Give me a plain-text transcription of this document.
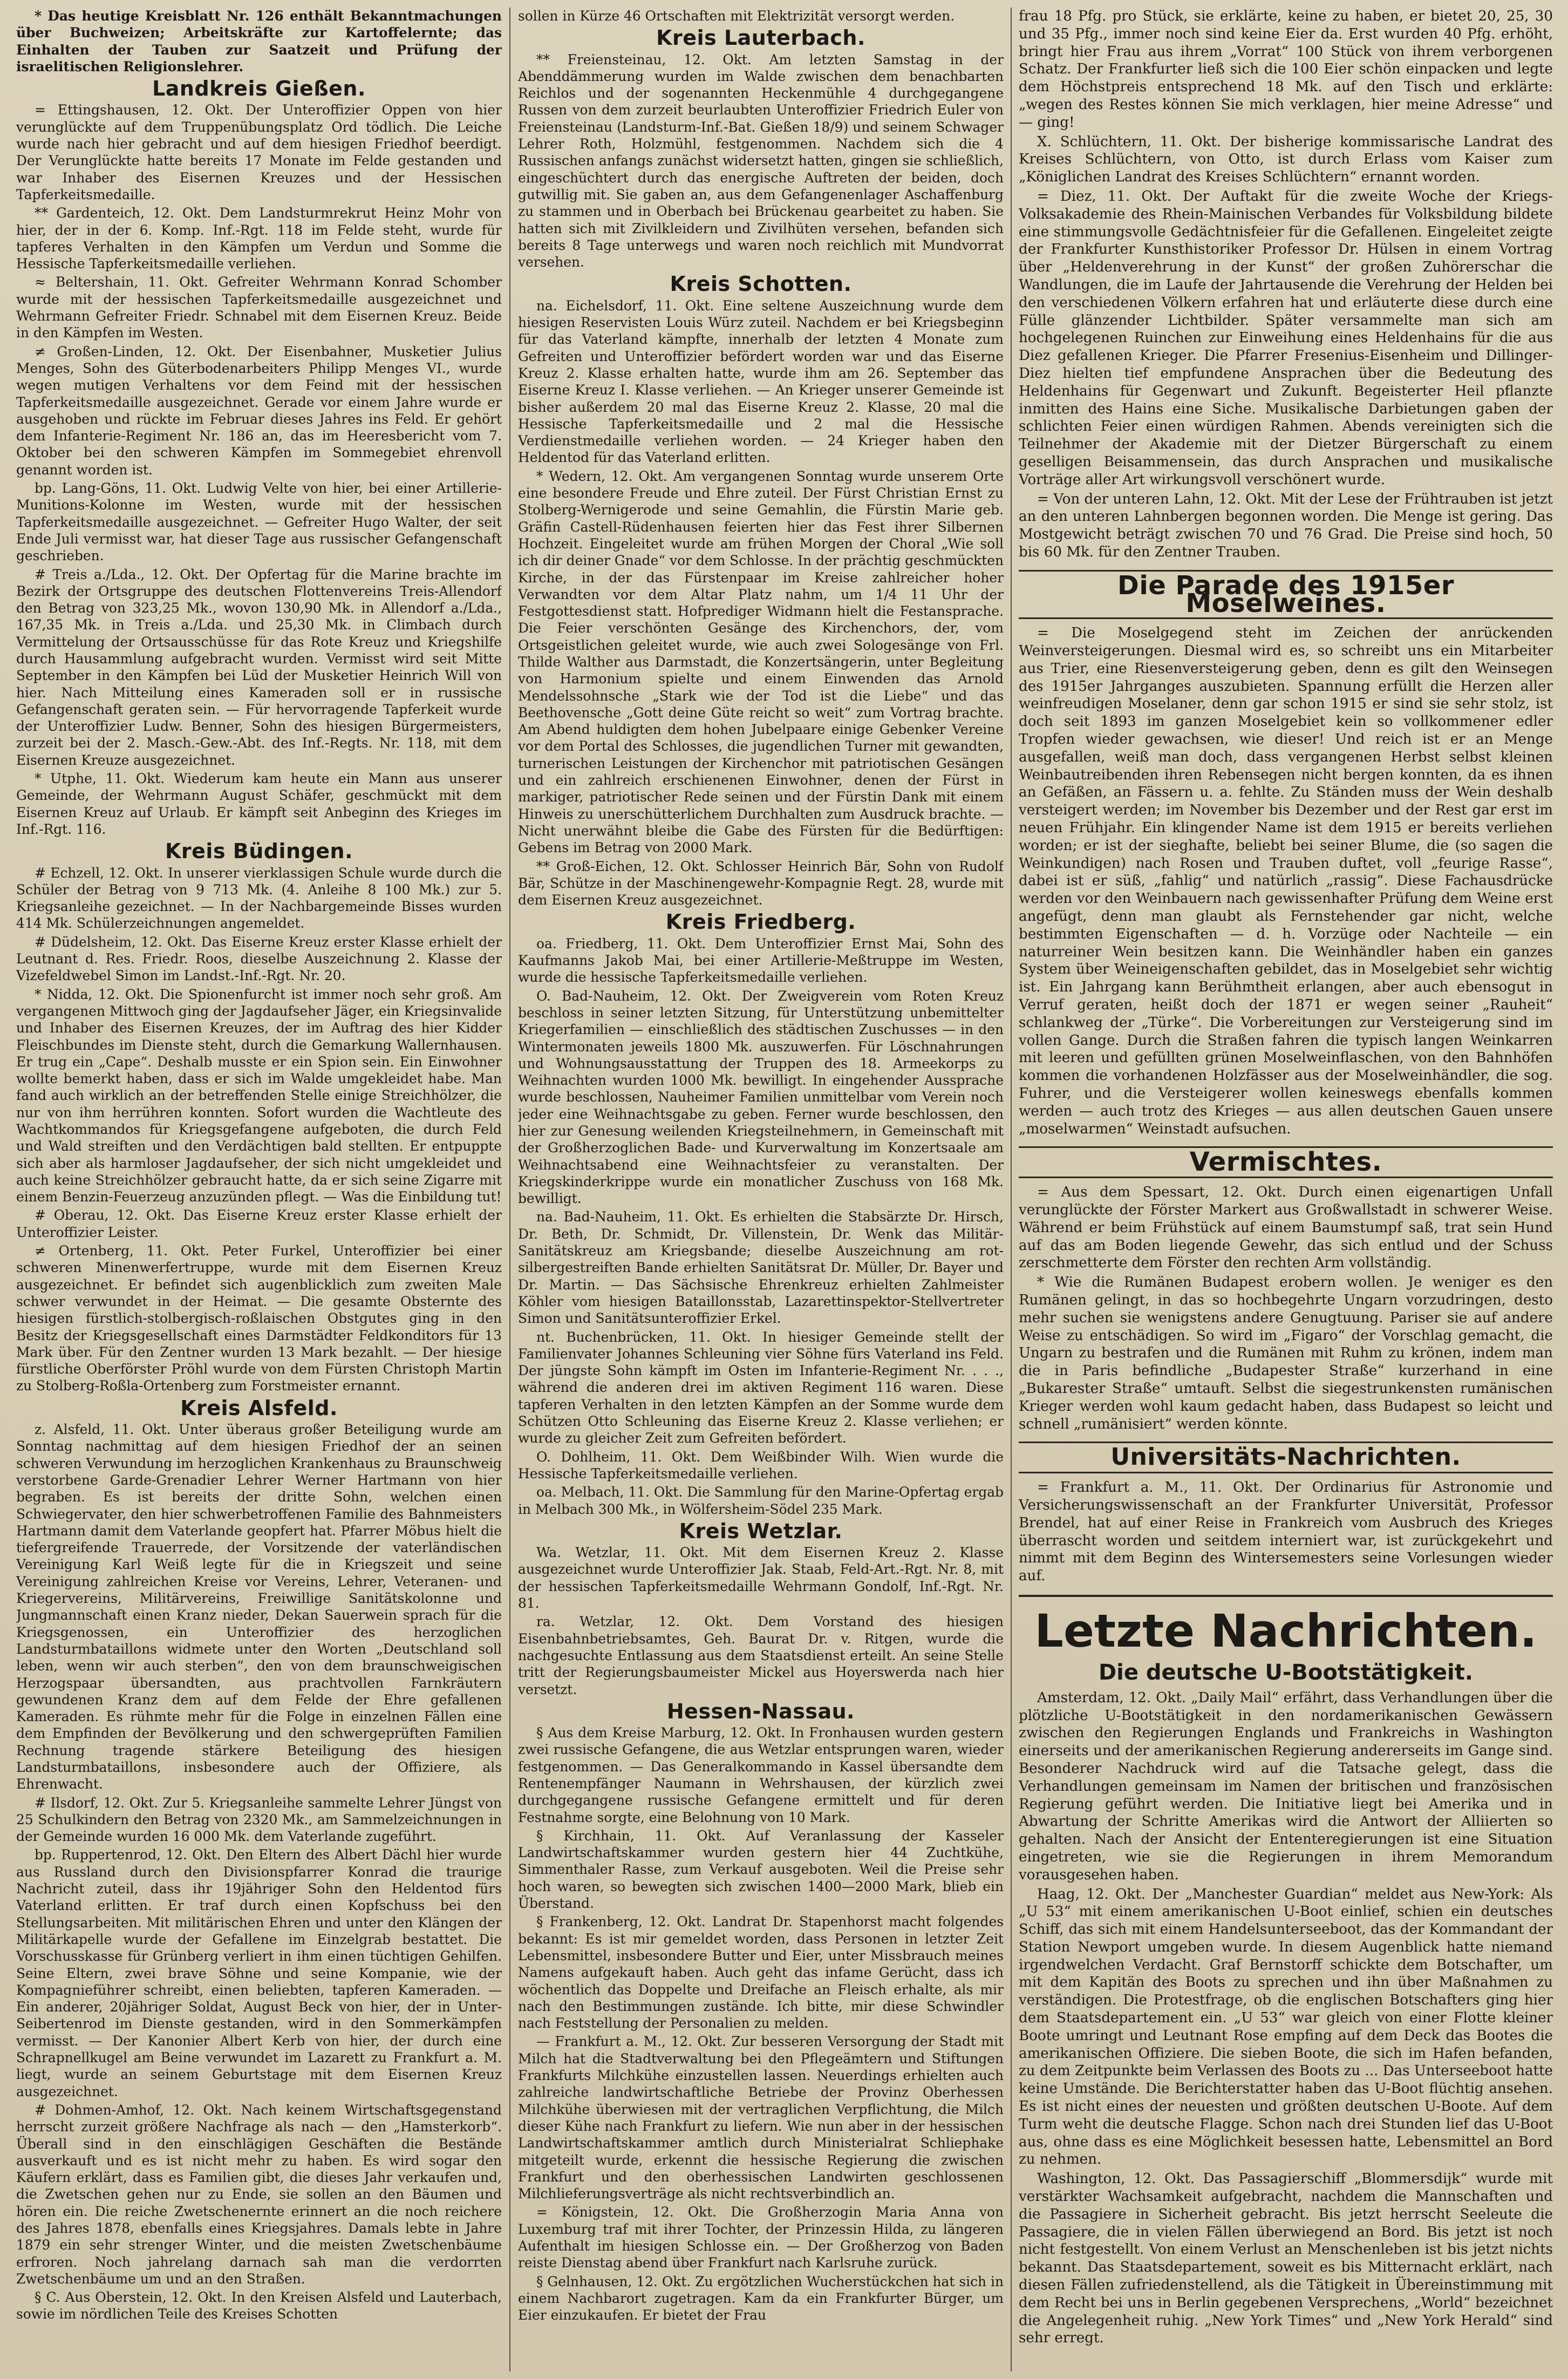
* Das heutige Kreisblatt Nr. 126 enthält Bekanntmachungen über Buchweizen; Arbeitskräfte zur Kartoffelernte; das Einhalten der Tauben zur Saatzeit und Prüfung der israelitischen Religionslehrer.

Landkreis Gießen.

= Ettingshausen, 12. Okt. Der Unteroffizier Oppen von hier verunglückte auf dem Truppenübungsplatz Ord tödlich. Die Leiche wurde nach hier gebracht und auf dem hiesigen Friedhof beerdigt. Der Verunglückte hatte bereits 17 Monate im Felde gestanden und war Inhaber des Eisernen Kreuzes und der Hessischen Tapferkeitsmedaille.

** Gardenteich, 12. Okt. Dem Landsturmrekrut Heinz Mohr von hier, der in der 6. Komp. Inf.-Rgt. 118 im Felde steht, wurde für tapferes Verhalten in den Kämpfen um Verdun und Somme die Hessische Tapferkeitsmedaille verliehen.

≈ Beltershain, 11. Okt. Gefreiter Wehrmann Konrad Schomber wurde mit der hessischen Tapferkeitsmedaille ausgezeichnet und Wehrmann Gefreiter Friedr. Schnabel mit dem Eisernen Kreuz. Beide in den Kämpfen im Westen.

≠ Großen-Linden, 12. Okt. Der Eisenbahner, Musketier Julius Menges, Sohn des Güterbodenarbeiters Philipp Menges VI., wurde wegen mutigen Verhaltens vor dem Feind mit der hessischen Tapferkeitsmedaille ausgezeichnet. Gerade vor einem Jahre wurde er ausgehoben und rückte im Februar dieses Jahres ins Feld. Er gehört dem Infanterie-Regiment Nr. 186 an, das im Heeresbericht vom 7. Oktober bei den schweren Kämpfen im Sommegebiet ehrenvoll genannt worden ist.

bp. Lang-Göns, 11. Okt. Ludwig Velte von hier, bei einer Artillerie-Munitions-Kolonne im Westen, wurde mit der hessischen Tapferkeitsmedaille ausgezeichnet. — Gefreiter Hugo Walter, der seit Ende Juli vermisst war, hat dieser Tage aus russischer Gefangenschaft geschrieben.

# Treis a./Lda., 12. Okt. Der Opfertag für die Marine brachte im Bezirk der Ortsgruppe des deutschen Flottenvereins Treis-Allendorf den Betrag von 323,25 Mk., wovon 130,90 Mk. in Allendorf a./Lda., 167,35 Mk. in Treis a./Lda. und 25,30 Mk. in Climbach durch Vermittelung der Ortsausschüsse für das Rote Kreuz und Kriegshilfe durch Hausammlung aufgebracht wurden. Vermisst wird seit Mitte September in den Kämpfen bei Lüd der Musketier Heinrich Will von hier. Nach Mitteilung eines Kameraden soll er in russische Gefangenschaft geraten sein. — Für hervorragende Tapferkeit wurde der Unteroffizier Ludw. Benner, Sohn des hiesigen Bürgermeisters, zurzeit bei der 2. Masch.-Gew.-Abt. des Inf.-Regts. Nr. 118, mit dem Eisernen Kreuze ausgezeichnet.

* Utphe, 11. Okt. Wiederum kam heute ein Mann aus unserer Gemeinde, der Wehrmann August Schäfer, geschmückt mit dem Eisernen Kreuz auf Urlaub. Er kämpft seit Anbeginn des Krieges im Inf.-Rgt. 116.

Kreis Büdingen.

# Echzell, 12. Okt. In unserer vierklassigen Schule wurde durch die Schüler der Betrag von 9 713 Mk. (4. Anleihe 8 100 Mk.) zur 5. Kriegsanleihe gezeichnet. — In der Nachbargemeinde Bisses wurden 414 Mk. Schülerzeichnungen angemeldet.

# Düdelsheim, 12. Okt. Das Eiserne Kreuz erster Klasse erhielt der Leutnant d. Res. Friedr. Roos, dieselbe Auszeichnung 2. Klasse der Vizefeldwebel Simon im Landst.-Inf.-Rgt. Nr. 20.

* Nidda, 12. Okt. Die Spionenfurcht ist immer noch sehr groß. Am vergangenen Mittwoch ging der Jagdaufseher Jäger, ein Kriegsinvalide und Inhaber des Eisernen Kreuzes, der im Auftrag des hier Kidder Fleischbundes im Dienste steht, durch die Gemarkung Wallernhausen. Er trug ein „Cape“. Deshalb musste er ein Spion sein. Ein Einwohner wollte bemerkt haben, dass er sich im Walde umgekleidet habe. Man fand auch wirklich an der betreffenden Stelle einige Streichhölzer, die nur von ihm herrühren konnten. Sofort wurden die Wachtleute des Wachtkommandos für Kriegsgefangene aufgeboten, die durch Feld und Wald streiften und den Verdächtigen bald stellten. Er entpuppte sich aber als harmloser Jagdaufseher, der sich nicht umgekleidet und auch keine Streichhölzer gebraucht hatte, da er sich seine Zigarre mit einem Benzin-Feuerzeug anzuzünden pflegt. — Was die Einbildung tut!

# Oberau, 12. Okt. Das Eiserne Kreuz erster Klasse erhielt der Unteroffizier Leister.

≠ Ortenberg, 11. Okt. Peter Furkel, Unteroffizier bei einer schweren Minenwerfertruppe, wurde mit dem Eisernen Kreuz ausgezeichnet. Er befindet sich augenblicklich zum zweiten Male schwer verwundet in der Heimat. — Die gesamte Obsternte des hiesigen fürstlich-stolbergisch-roßlaischen Obstgutes ging in den Besitz der Kriegsgesellschaft eines Darmstädter Feldkonditors für 13 Mark über. Für den Zentner wurden 13 Mark bezahlt. — Der hiesige fürstliche Oberförster Pröhl wurde von dem Fürsten Christoph Martin zu Stolberg-Roßla-Ortenberg zum Forstmeister ernannt.

Kreis Alsfeld.

z. Alsfeld, 11. Okt. Unter überaus großer Beteiligung wurde am Sonntag nachmittag auf dem hiesigen Friedhof der an seinen schweren Verwundung im herzoglichen Krankenhaus zu Braunschweig verstorbene Garde-Grenadier Lehrer Werner Hartmann von hier begraben. Es ist bereits der dritte Sohn, welchen einen Schwiegervater, den hier schwerbetroffenen Familie des Bahnmeisters Hartmann damit dem Vaterlande geopfert hat. Pfarrer Möbus hielt die tiefergreifende Trauerrede, der Vorsitzende der vaterländischen Vereinigung Karl Weiß legte für die in Kriegszeit und seine Vereinigung zahlreichen Kreise vor Vereins, Lehrer, Veteranen- und Kriegervereins, Militärvereins, Freiwillige Sanitätskolonne und Jungmannschaft einen Kranz nieder, Dekan Sauerwein sprach für die Kriegsgenossen, ein Unteroffizier des herzoglichen Landsturmbataillons widmete unter den Worten „Deutschland soll leben, wenn wir auch sterben“, den von dem braunschweigischen Herzogspaar übersandten, aus prachtvollen Farnkräutern gewundenen Kranz dem auf dem Felde der Ehre gefallenen Kameraden. Es rühmte mehr für die Folge in einzelnen Fällen eine dem Empfinden der Bevölkerung und den schwergeprüften Familien Rechnung tragende stärkere Beteiligung des hiesigen Landsturmbataillons, insbesondere auch der Offiziere, als Ehrenwacht.

# Ilsdorf, 12. Okt. Zur 5. Kriegsanleihe sammelte Lehrer Jüngst von 25 Schulkindern den Betrag von 2320 Mk., am Sammelzeichnungen in der Gemeinde wurden 16 000 Mk. dem Vaterlande zugeführt.

bp. Ruppertenrod, 12. Okt. Den Eltern des Albert Dächl hier wurde aus Russland durch den Divisionspfarrer Konrad die traurige Nachricht zuteil, dass ihr 19jähriger Sohn den Heldentod fürs Vaterland erlitten. Er traf durch einen Kopfschuss bei den Stellungsarbeiten. Mit militärischen Ehren und unter den Klängen der Militärkapelle wurde der Gefallene im Einzelgrab bestattet. Die Vorschusskasse für Grünberg verliert in ihm einen tüchtigen Gehilfen. Seine Eltern, zwei brave Söhne und seine Kompanie, wie der Kompagnieführer schreibt, einen beliebten, tapferen Kameraden. — Ein anderer, 20jähriger Soldat, August Beck von hier, der in Unter-Seibertenrod im Dienste gestanden, wird in den Sommerkämpfen vermisst. — Der Kanonier Albert Kerb von hier, der durch eine Schrapnellkugel am Beine verwundet im Lazarett zu Frankfurt a. M. liegt, wurde an seinem Geburtstage mit dem Eisernen Kreuz ausgezeichnet.

# Dohmen-Amhof, 12. Okt. Nach keinem Wirtschaftsgegenstand herrscht zurzeit größere Nachfrage als nach — den „Hamsterkorb“. Überall sind in den einschlägigen Geschäften die Bestände ausverkauft und es ist nicht mehr zu haben. Es wird sogar den Käufern erklärt, dass es Familien gibt, die dieses Jahr verkaufen und, die Zwetschen gehen nur zu Ende, sie sollen an den Bäumen und hören ein. Die reiche Zwetschenernte erinnert an die noch reichere des Jahres 1878, ebenfalls eines Kriegsjahres. Damals lebte in Jahre 1879 ein sehr strenger Winter, und die meisten Zwetschenbäume erfroren. Noch jahrelang darnach sah man die verdorrten Zwetschenbäume um und an den Straßen.

§ C. Aus Oberstein, 12. Okt. In den Kreisen Alsfeld und Lauterbach, sowie im nördlichen Teile des Kreises Schotten

sollen in Kürze 46 Ortschaften mit Elektrizität versorgt werden.

Kreis Lauterbach.

** Freiensteinau, 12. Okt. Am letzten Samstag in der Abenddämmerung wurden im Walde zwischen dem benachbarten Reichlos und der sogenannten Heckenmühle 4 durchgegangene Russen von dem zurzeit beurlaubten Unteroffizier Friedrich Euler von Freiensteinau (Landsturm-Inf.-Bat. Gießen 18/9) und seinem Schwager Lehrer Roth, Holzmühl, festgenommen. Nachdem sich die 4 Russischen anfangs zunächst widersetzt hatten, gingen sie schließlich, eingeschüchtert durch das energische Auftreten der beiden, doch gutwillig mit. Sie gaben an, aus dem Gefangenenlager Aschaffenburg zu stammen und in Oberbach bei Brückenau gearbeitet zu haben. Sie hatten sich mit Zivilkleidern und Zivilhüten versehen, befanden sich bereits 8 Tage unterwegs und waren noch reichlich mit Mundvorrat versehen.

Kreis Schotten.

na. Eichelsdorf, 11. Okt. Eine seltene Auszeichnung wurde dem hiesigen Reservisten Louis Würz zuteil. Nachdem er bei Kriegsbeginn für das Vaterland kämpfte, innerhalb der letzten 4 Monate zum Gefreiten und Unteroffizier befördert worden war und das Eiserne Kreuz 2. Klasse erhalten hatte, wurde ihm am 26. September das Eiserne Kreuz I. Klasse verliehen. — An Krieger unserer Gemeinde ist bisher außerdem 20 mal das Eiserne Kreuz 2. Klasse, 20 mal die Hessische Tapferkeitsmedaille und 2 mal die Hessische Verdienstmedaille verliehen worden. — 24 Krieger haben den Heldentod für das Vaterland erlitten.

* Wedern, 12. Okt. Am vergangenen Sonntag wurde unserem Orte eine besondere Freude und Ehre zuteil. Der Fürst Christian Ernst zu Stolberg-Wernigerode und seine Gemahlin, die Fürstin Marie geb. Gräfin Castell-Rüdenhausen feierten hier das Fest ihrer Silbernen Hochzeit. Eingeleitet wurde am frühen Morgen der Choral „Wie soll ich dir deiner Gnade“ vor dem Schlosse. In der prächtig geschmückten Kirche, in der das Fürstenpaar im Kreise zahlreicher hoher Verwandten vor dem Altar Platz nahm, um 1/4 11 Uhr der Festgottesdienst statt. Hofprediger Widmann hielt die Festansprache. Die Feier verschönten Gesänge des Kirchenchors, der, vom Ortsgeistlichen geleitet wurde, wie auch zwei Sologesänge von Frl. Thilde Walther aus Darmstadt, die Konzertsängerin, unter Begleitung von Harmonium spielte und einem Einwenden das Arnold Mendelssohnsche „Stark wie der Tod ist die Liebe“ und das Beethovensche „Gott deine Güte reicht so weit“ zum Vortrag brachte. Am Abend huldigten dem hohen Jubelpaare einige Gebenker Vereine vor dem Portal des Schlosses, die jugendlichen Turner mit gewandten, turnerischen Leistungen der Kirchenchor mit patriotischen Gesängen und ein zahlreich erschienenen Einwohner, denen der Fürst in markiger, patriotischer Rede seinen und der Fürstin Dank mit einem Hinweis zu unerschütterlichem Durchhalten zum Ausdruck brachte. — Nicht unerwähnt bleibe die Gabe des Fürsten für die Bedürftigen: Gebens im Betrag von 2000 Mark.

** Groß-Eichen, 12. Okt. Schlosser Heinrich Bär, Sohn von Rudolf Bär, Schütze in der Maschinengewehr-Kompagnie Regt. 28, wurde mit dem Eisernen Kreuz ausgezeichnet.

Kreis Friedberg.

oa. Friedberg, 11. Okt. Dem Unteroffizier Ernst Mai, Sohn des Kaufmanns Jakob Mai, bei einer Artillerie-Meßtruppe im Westen, wurde die hessische Tapferkeitsmedaille verliehen.

O. Bad-Nauheim, 12. Okt. Der Zweigverein vom Roten Kreuz beschloss in seiner letzten Sitzung, für Unterstützung unbemittelter Kriegerfamilien — einschließlich des städtischen Zuschusses — in den Wintermonaten jeweils 1800 Mk. auszuwerfen. Für Löschnahrungen und Wohnungsausstattung der Truppen des 18. Armeekorps zu Weihnachten wurden 1000 Mk. bewilligt. In eingehender Aussprache wurde beschlossen, Nauheimer Familien unmittelbar vom Verein noch jeder eine Weihnachtsgabe zu geben. Ferner wurde beschlossen, den hier zur Genesung weilenden Kriegsteilnehmern, in Gemeinschaft mit der Großherzoglichen Bade- und Kurverwaltung im Konzertsaale am Weihnachtsabend eine Weihnachtsfeier zu veranstalten. Der Kriegskinderkrippe wurde ein monatlicher Zuschuss von 168 Mk. bewilligt.

na. Bad-Nauheim, 11. Okt. Es erhielten die Stabsärzte Dr. Hirsch, Dr. Beth, Dr. Schmidt, Dr. Villenstein, Dr. Wenk das Militär-Sanitätskreuz am Kriegsbande; dieselbe Auszeichnung am rot-silbergestreiften Bande erhielten Sanitätsrat Dr. Müller, Dr. Bayer und Dr. Martin. — Das Sächsische Ehrenkreuz erhielten Zahlmeister Köhler vom hiesigen Bataillonsstab, Lazarettinspektor-Stellvertreter Simon und Sanitätsunteroffizier Erkel.

nt. Buchenbrücken, 11. Okt. In hiesiger Gemeinde stellt der Familienvater Johannes Schleuning vier Söhne fürs Vaterland ins Feld. Der jüngste Sohn kämpft im Osten im Infanterie-Regiment Nr. . . ., während die anderen drei im aktiven Regiment 116 waren. Diese tapferen Verhalten in den letzten Kämpfen an der Somme wurde dem Schützen Otto Schleuning das Eiserne Kreuz 2. Klasse verliehen; er wurde zu gleicher Zeit zum Gefreiten befördert.

O. Dohlheim, 11. Okt. Dem Weißbinder Wilh. Wien wurde die Hessische Tapferkeitsmedaille verliehen.

oa. Melbach, 11. Okt. Die Sammlung für den Marine-Opfertag ergab in Melbach 300 Mk., in Wölfersheim-Södel 235 Mark.

Kreis Wetzlar.

Wa. Wetzlar, 11. Okt. Mit dem Eisernen Kreuz 2. Klasse ausgezeichnet wurde Unteroffizier Jak. Staab, Feld-Art.-Rgt. Nr. 8, mit der hessischen Tapferkeitsmedaille Wehrmann Gondolf, Inf.-Rgt. Nr. 81.

ra. Wetzlar, 12. Okt. Dem Vorstand des hiesigen Eisenbahnbetriebsamtes, Geh. Baurat Dr. v. Ritgen, wurde die nachgesuchte Entlassung aus dem Staatsdienst erteilt. An seine Stelle tritt der Regierungsbaumeister Mickel aus Hoyerswerda nach hier versetzt.

Hessen-Nassau.

§ Aus dem Kreise Marburg, 12. Okt. In Fronhausen wurden gestern zwei russische Gefangene, die aus Wetzlar entsprungen waren, wieder festgenommen. — Das Generalkommando in Kassel übersandte dem Rentenempfänger Naumann in Wehrshausen, der kürzlich zwei durchgegangene russische Gefangene ermittelt und für deren Festnahme sorgte, eine Belohnung von 10 Mark.

§ Kirchhain, 11. Okt. Auf Veranlassung der Kasseler Landwirtschaftskammer wurden gestern hier 44 Zuchtkühe, Simmenthaler Rasse, zum Verkauf ausgeboten. Weil die Preise sehr hoch waren, so bewegten sich zwischen 1400—2000 Mark, blieb ein Überstand.

§ Frankenberg, 12. Okt. Landrat Dr. Stapenhorst macht folgendes bekannt: Es ist mir gemeldet worden, dass Personen in letzter Zeit Lebensmittel, insbesondere Butter und Eier, unter Missbrauch meines Namens aufgekauft haben. Auch geht das infame Gerücht, dass ich wöchentlich das Doppelte und Dreifache an Fleisch erhalte, als mir nach den Bestimmungen zustände. Ich bitte, mir diese Schwindler nach Feststellung der Personalien zu melden.

— Frankfurt a. M., 12. Okt. Zur besseren Versorgung der Stadt mit Milch hat die Stadtverwaltung bei den Pflegeämtern und Stiftungen Frankfurts Milchkühe einzustellen lassen. Neuerdings erhielten auch zahlreiche landwirtschaftliche Betriebe der Provinz Oberhessen Milchkühe überwiesen mit der vertraglichen Verpflichtung, die Milch dieser Kühe nach Frankfurt zu liefern. Wie nun aber in der hessischen Landwirtschaftskammer amtlich durch Ministerialrat Schliephake mitgeteilt wurde, erkennt die hessische Regierung die zwischen Frankfurt und den oberhessischen Landwirten geschlossenen Milchlieferungsverträge als nicht rechtsverbindlich an.

= Königstein, 12. Okt. Die Großherzogin Maria Anna von Luxemburg traf mit ihrer Tochter, der Prinzessin Hilda, zu längeren Aufenthalt im hiesigen Schlosse ein. — Der Großherzog von Baden reiste Dienstag abend über Frankfurt nach Karlsruhe zurück.

§ Gelnhausen, 12. Okt. Zu ergötzlichen Wucherstückchen hat sich in einem Nachbarort zugetragen. Kam da ein Frankfurter Bürger, um Eier einzukaufen. Er bietet der Frau

frau 18 Pfg. pro Stück, sie erklärte, keine zu haben, er bietet 20, 25, 30 und 35 Pfg., immer noch sind keine Eier da. Erst wurden 40 Pfg. erhöht, bringt hier Frau aus ihrem „Vorrat“ 100 Stück von ihrem verborgenen Schatz. Der Frankfurter ließ sich die 100 Eier schön einpacken und legte dem Höchstpreis entsprechend 18 Mk. auf den Tisch und erklärte: „wegen des Restes können Sie mich verklagen, hier meine Adresse“ und — ging!

X. Schlüchtern, 11. Okt. Der bisherige kommissarische Landrat des Kreises Schlüchtern, von Otto, ist durch Erlass vom Kaiser zum „Königlichen Landrat des Kreises Schlüchtern“ ernannt worden.

= Diez, 11. Okt. Der Auftakt für die zweite Woche der Kriegs-Volksakademie des Rhein-Mainischen Verbandes für Volksbildung bildete eine stimmungsvolle Gedächtnisfeier für die Gefallenen. Eingeleitet zeigte der Frankfurter Kunsthistoriker Professor Dr. Hülsen in einem Vortrag über „Heldenverehrung in der Kunst“ der großen Zuhörerschar die Wandlungen, die im Laufe der Jahrtausende die Verehrung der Helden bei den verschiedenen Völkern erfahren hat und erläuterte diese durch eine Fülle glänzender Lichtbilder. Später versammelte man sich am hochgelegenen Ruinchen zur Einweihung eines Heldenhains für die aus Diez gefallenen Krieger. Die Pfarrer Fresenius-Eisenheim und Dillinger-Diez hielten tief empfundene Ansprachen über die Bedeutung des Heldenhains für Gegenwart und Zukunft. Begeisterter Heil pflanzte inmitten des Hains eine Siche. Musikalische Darbietungen gaben der schlichten Feier einen würdigen Rahmen. Abends vereinigten sich die Teilnehmer der Akademie mit der Dietzer Bürgerschaft zu einem geselligen Beisammensein, das durch Ansprachen und musikalische Vorträge aller Art wirkungsvoll verschönert wurde.

= Von der unteren Lahn, 12. Okt. Mit der Lese der Frühtrauben ist jetzt an den unteren Lahnbergen begonnen worden. Die Menge ist gering. Das Mostgewicht beträgt zwischen 70 und 76 Grad. Die Preise sind hoch, 50 bis 60 Mk. für den Zentner Trauben.

Die Parade des 1915er Moselweines.

= Die Moselgegend steht im Zeichen der anrückenden Weinversteigerungen. Diesmal wird es, so schreibt uns ein Mitarbeiter aus Trier, eine Riesenversteigerung geben, denn es gilt den Weinsegen des 1915er Jahrganges auszubieten. Spannung erfüllt die Herzen aller weinfreudigen Moselaner, denn gar schon 1915 er sind sie sehr stolz, ist doch seit 1893 im ganzen Moselgebiet kein so vollkommener edler Tropfen wieder gewachsen, wie dieser! Und reich ist er an Menge ausgefallen, weiß man doch, dass vergangenen Herbst selbst kleinen Weinbautreibenden ihren Rebensegen nicht bergen konnten, da es ihnen an Gefäßen, an Fässern u. a. fehlte. Zu Ständen muss der Wein deshalb versteigert werden; im November bis Dezember und der Rest gar erst im neuen Frühjahr. Ein klingender Name ist dem 1915 er bereits verliehen worden; er ist der sieghafte, beliebt bei seiner Blume, die (so sagen die Weinkundigen) nach Rosen und Trauben duftet, voll „feurige Rasse“, dabei ist er süß, „fahlig“ und natürlich „rassig“. Diese Fachausdrücke werden vor den Weinbauern nach gewissenhafter Prüfung dem Weine erst angefügt, denn man glaubt als Fernstehender gar nicht, welche bestimmten Eigenschaften — d. h. Vorzüge oder Nachteile — ein naturreiner Wein besitzen kann. Die Weinhändler haben ein ganzes System über Weineigenschaften gebildet, das in Moselgebiet sehr wichtig ist. Ein Jahrgang kann Berühmtheit erlangen, aber auch ebensogut in Verruf geraten, heißt doch der 1871 er wegen seiner „Rauheit“ schlankweg der „Türke“. Die Vorbereitungen zur Versteigerung sind im vollen Gange. Durch die Straßen fahren die typisch langen Weinkarren mit leeren und gefüllten grünen Moselweinflaschen, von den Bahnhöfen kommen die vorhandenen Holzfässer aus der Moselweinhändler, die sog. Fuhrer, und die Versteigerer wollen keineswegs ebenfalls kommen werden — auch trotz des Krieges — aus allen deutschen Gauen unsere „moselwarmen“ Weinstadt aufsuchen.

Vermischtes.

= Aus dem Spessart, 12. Okt. Durch einen eigenartigen Unfall verunglückte der Förster Markert aus Großwallstadt in schwerer Weise. Während er beim Frühstück auf einem Baumstumpf saß, trat sein Hund auf das am Boden liegende Gewehr, das sich entlud und der Schuss zerschmetterte dem Förster den rechten Arm vollständig.

* Wie die Rumänen Budapest erobern wollen. Je weniger es den Rumänen gelingt, in das so hochbegehrte Ungarn vorzudringen, desto mehr suchen sie wenigstens andere Genugtuung. Pariser sie auf andere Weise zu entschädigen. So wird im „Figaro“ der Vorschlag gemacht, die Ungarn zu bestrafen und die Rumänen mit Ruhm zu krönen, indem man die in Paris befindliche „Budapester Straße“ kurzerhand in eine „Bukarester Straße“ umtauft. Selbst die siegestrunkensten rumänischen Krieger werden wohl kaum gedacht haben, dass Budapest so leicht und schnell „rumänisiert“ werden könnte.

Universitäts-Nachrichten.

= Frankfurt a. M., 11. Okt. Der Ordinarius für Astronomie und Versicherungswissenschaft an der Frankfurter Universität, Professor Brendel, hat auf einer Reise in Frankreich vom Ausbruch des Krieges überrascht worden und seitdem interniert war, ist zurückgekehrt und nimmt mit dem Beginn des Wintersemesters seine Vorlesungen wieder auf.

Letzte Nachrichten.
Die deutsche U-Bootstätigkeit.

Amsterdam, 12. Okt. „Daily Mail“ erfährt, dass Verhandlungen über die plötzliche U-Bootstätigkeit in den nordamerikanischen Gewässern zwischen den Regierungen Englands und Frankreichs in Washington einerseits und der amerikanischen Regierung andererseits im Gange sind. Besonderer Nachdruck wird auf die Tatsache gelegt, dass die Verhandlungen gemeinsam im Namen der britischen und französischen Regierung geführt werden. Die Initiative liegt bei Amerika und in Abwartung der Schritte Amerikas wird die Antwort der Alliierten so gehalten. Nach der Ansicht der Ententeregierungen ist eine Situation eingetreten, wie sie die Regierungen in ihrem Memorandum vorausgesehen haben.

Haag, 12. Okt. Der „Manchester Guardian“ meldet aus New-York: Als „U 53“ mit einem amerikanischen U-Boot einlief, schien ein deutsches Schiff, das sich mit einem Handelsunterseeboot, das der Kommandant der Station Newport umgeben wurde. In diesem Augenblick hatte niemand irgendwelchen Verdacht. Graf Bernstorff schickte dem Botschafter, um mit dem Kapitän des Boots zu sprechen und ihn über Maßnahmen zu verständigen. Die Protestfrage, ob die englischen Botschafters ging hier dem Staatsdepartement ein. „U 53“ war gleich von einer Flotte kleiner Boote umringt und Leutnant Rose empfing auf dem Deck das Bootes die amerikanischen Offiziere. Die sieben Boote, die sich im Hafen befanden, zu dem Zeitpunkte beim Verlassen des Boots zu ... Das Unterseeboot hatte keine Umstände. Die Berichterstatter haben das U-Boot flüchtig ansehen. Es ist nicht eines der neuesten und größten deutschen U-Boote. Auf dem Turm weht die deutsche Flagge. Schon nach drei Stunden lief das U-Boot aus, ohne dass es eine Möglichkeit besessen hatte, Lebensmittel an Bord zu nehmen.

Washington, 12. Okt. Das Passagierschiff „Blommersdijk“ wurde mit verstärkter Wachsamkeit aufgebracht, nachdem die Mannschaften und die Passagiere in Sicherheit gebracht. Bis jetzt herrscht Seeleute die Passagiere, die in vielen Fällen überwiegend an Bord. Bis jetzt ist noch nicht festgestellt. Von einem Verlust an Menschenleben ist bis jetzt nichts bekannt. Das Staatsdepartement, soweit es bis Mitternacht erklärt, nach diesen Fällen zufriedenstellend, als die Tätigkeit in Übereinstimmung mit dem Recht bei uns in Berlin gegebenen Versprechens, „World“ bezeichnet die Angelegenheit ruhig. „New York Times“ und „New York Herald“ sind sehr erregt.
